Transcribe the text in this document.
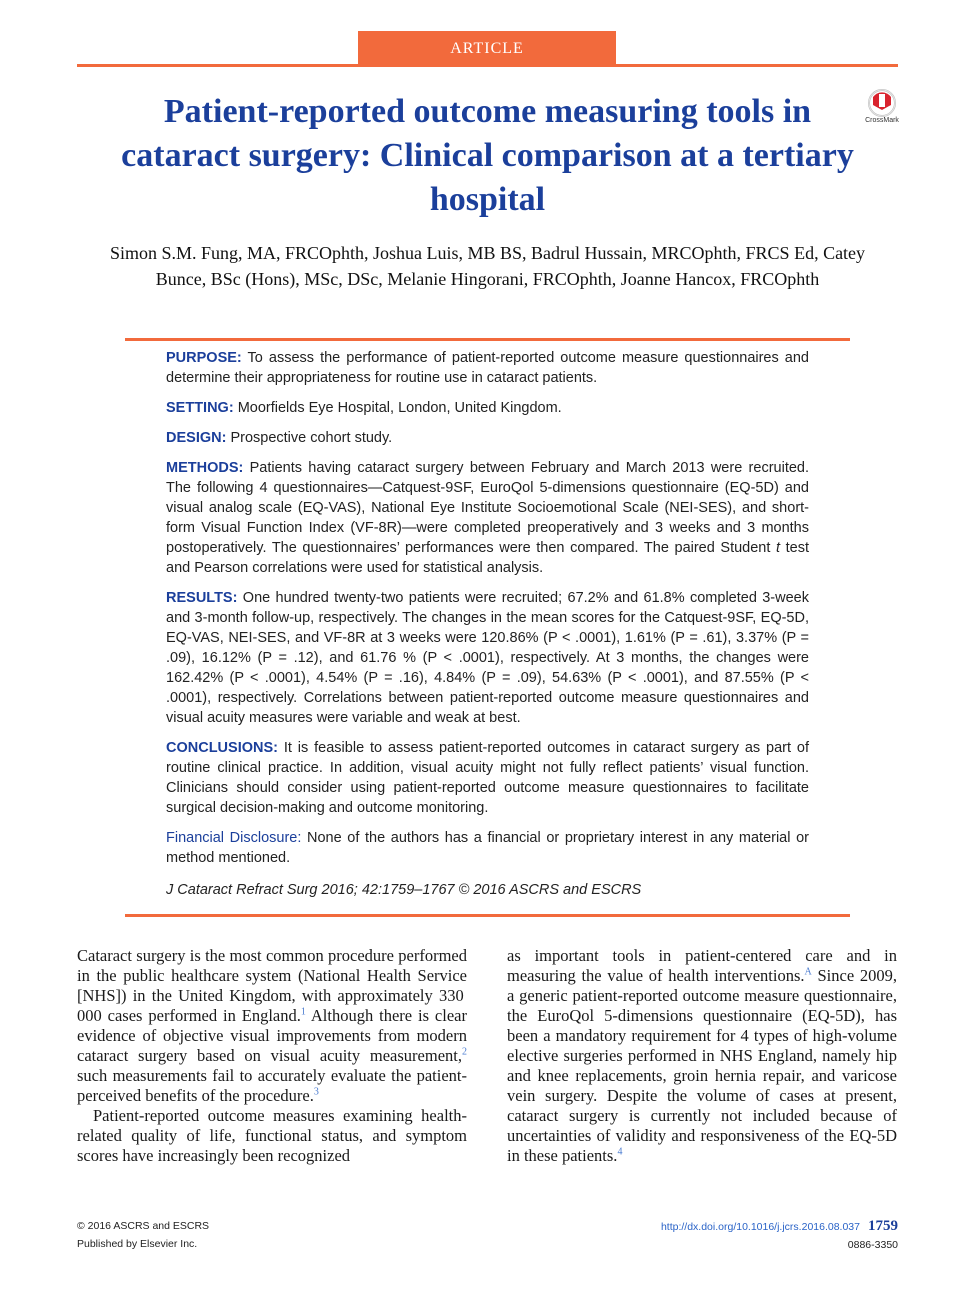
ARTICLE
Patient-reported outcome measuring tools in cataract surgery: Clinical comparison at a tertiary hospital
CrossMark

Simon S.M. Fung, MA, FRCOphth, Joshua Luis, MB BS, Badrul Hussain, MRCOphth, FRCS Ed, Catey Bunce, BSc (Hons), MSc, DSc, Melanie Hingorani, FRCOphth, Joanne Hancox, FRCOphth

PURPOSE: To assess the performance of patient-reported outcome measure questionnaires and determine their appropriateness for routine use in cataract patients.

SETTING: Moorfields Eye Hospital, London, United Kingdom.

DESIGN: Prospective cohort study.

METHODS: Patients having cataract surgery between February and March 2013 were recruited. The following 4 questionnaires—Catquest-9SF, EuroQol 5-dimensions questionnaire (EQ-5D) and visual analog scale (EQ-VAS), National Eye Institute Socioemotional Scale (NEI-SES), and short-form Visual Function Index (VF-8R)—were completed preoperatively and 3 weeks and 3 months postoperatively. The questionnaires’ performances were then compared. The paired Student t test and Pearson correlations were used for statistical analysis.

RESULTS: One hundred twenty-two patients were recruited; 67.2% and 61.8% completed 3-week and 3-month follow-up, respectively. The changes in the mean scores for the Catquest-9SF, EQ-5D, EQ-VAS, NEI-SES, and VF-8R at 3 weeks were 120.86% (P < .0001), 1.61% (P = .61), 3.37% (P = .09), 16.12% (P = .12), and 61.76 % (P < .0001), respectively. At 3 months, the changes were 162.42% (P < .0001), 4.54% (P = .16), 4.84% (P = .09), 54.63% (P < .0001), and 87.55% (P < .0001), respectively. Correlations between patient-reported outcome measure questionnaires and visual acuity measures were variable and weak at best.

CONCLUSIONS: It is feasible to assess patient-reported outcomes in cataract surgery as part of routine clinical practice. In addition, visual acuity might not fully reflect patients’ visual function. Clinicians should consider using patient-reported outcome measure questionnaires to facilitate surgical decision-making and outcome monitoring.

Financial Disclosure: None of the authors has a financial or proprietary interest in any material or method mentioned.

J Cataract Refract Surg 2016; 42:1759–1767 © 2016 ASCRS and ESCRS

Cataract surgery is the most common procedure performed in the public healthcare system (National Health Service [NHS]) in the United Kingdom, with approximately 330 000 cases performed in England.$^1$ Although there is clear evidence of objective visual improvements from modern cataract surgery based on visual acuity measurement,$^2$ such measurements fail to accurately evaluate the patient-perceived benefits of the procedure.$^3$

Patient-reported outcome measures examining health-related quality of life, functional status, and symptom scores have increasingly been recognized

as important tools in patient-centered care and in measuring the value of health interventions.$^A$ Since 2009, a generic patient-reported outcome measure questionnaire, the EuroQol 5-dimensions questionnaire (EQ-5D), has been a mandatory requirement for 4 types of high-volume elective surgeries performed in NHS England, namely hip and knee replacements, groin hernia repair, and varicose vein surgery. Despite the volume of cases at present, cataract surgery is currently not included because of uncertainties of validity and responsiveness of the EQ-5D in these patients.$^4$

© 2016 ASCRS and ESCRS
Published by Elsevier Inc.
http://dx.doi.org/10.1016/j.jcrs.2016.08.037 1759
0886-3350
